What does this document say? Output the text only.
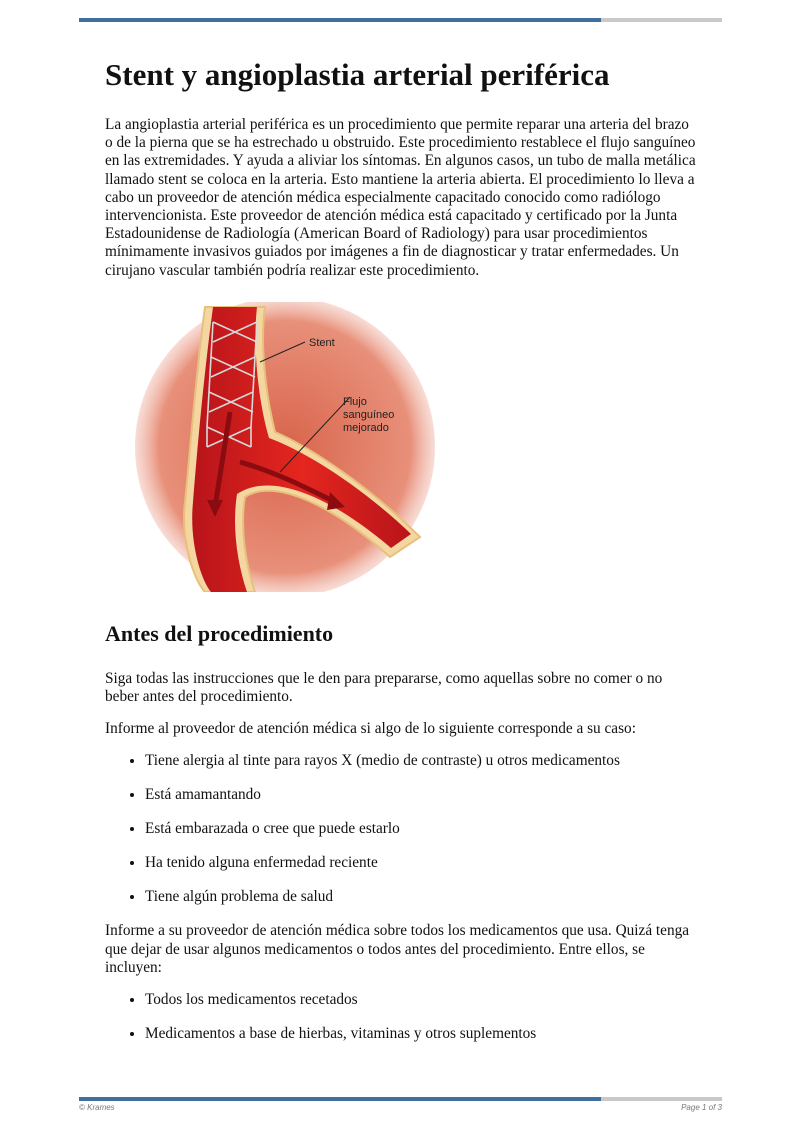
Stent y angioplastia arterial periférica

La angioplastia arterial periférica es un procedimiento que permite reparar una arteria del brazo o de la pierna que se ha estrechado u obstruido. Este procedimiento restablece el flujo sanguíneo en las extremidades. Y ayuda a aliviar los síntomas. En algunos casos, un tubo de malla metálica llamado stent se coloca en la arteria. Esto mantiene la arteria abierta. El procedimiento lo lleva a cabo un proveedor de atención médica especialmente capacitado conocido como radiólogo intervencionista. Este proveedor de atención médica está capacitado y certificado por la Junta Estadounidense de Radiología (American Board of Radiology) para usar procedimientos mínimamente invasivos guiados por imágenes a fin de diagnosticar y tratar enfermedades. Un cirujano vascular también podría realizar este procedimiento.

Stent
Flujo
sanguíneo
mejorado
Antes del procedimiento

Siga todas las instrucciones que le den para prepararse, como aquellas sobre no comer o no beber antes del procedimiento.

Informe al proveedor de atención médica si algo de lo siguiente corresponde a su caso:

• Tiene alergia al tinte para rayos X (medio de contraste) u otros medicamentos
• Está amamantando
• Está embarazada o cree que puede estarlo
• Ha tenido alguna enfermedad reciente
• Tiene algún problema de salud

Informe a su proveedor de atención médica sobre todos los medicamentos que usa. Quizá tenga que dejar de usar algunos medicamentos o todos antes del procedimiento. Entre ellos, se incluyen:

• Todos los medicamentos recetados
• Medicamentos a base de hierbas, vitaminas y otros suplementos
© Krames	Page 1 of 3
